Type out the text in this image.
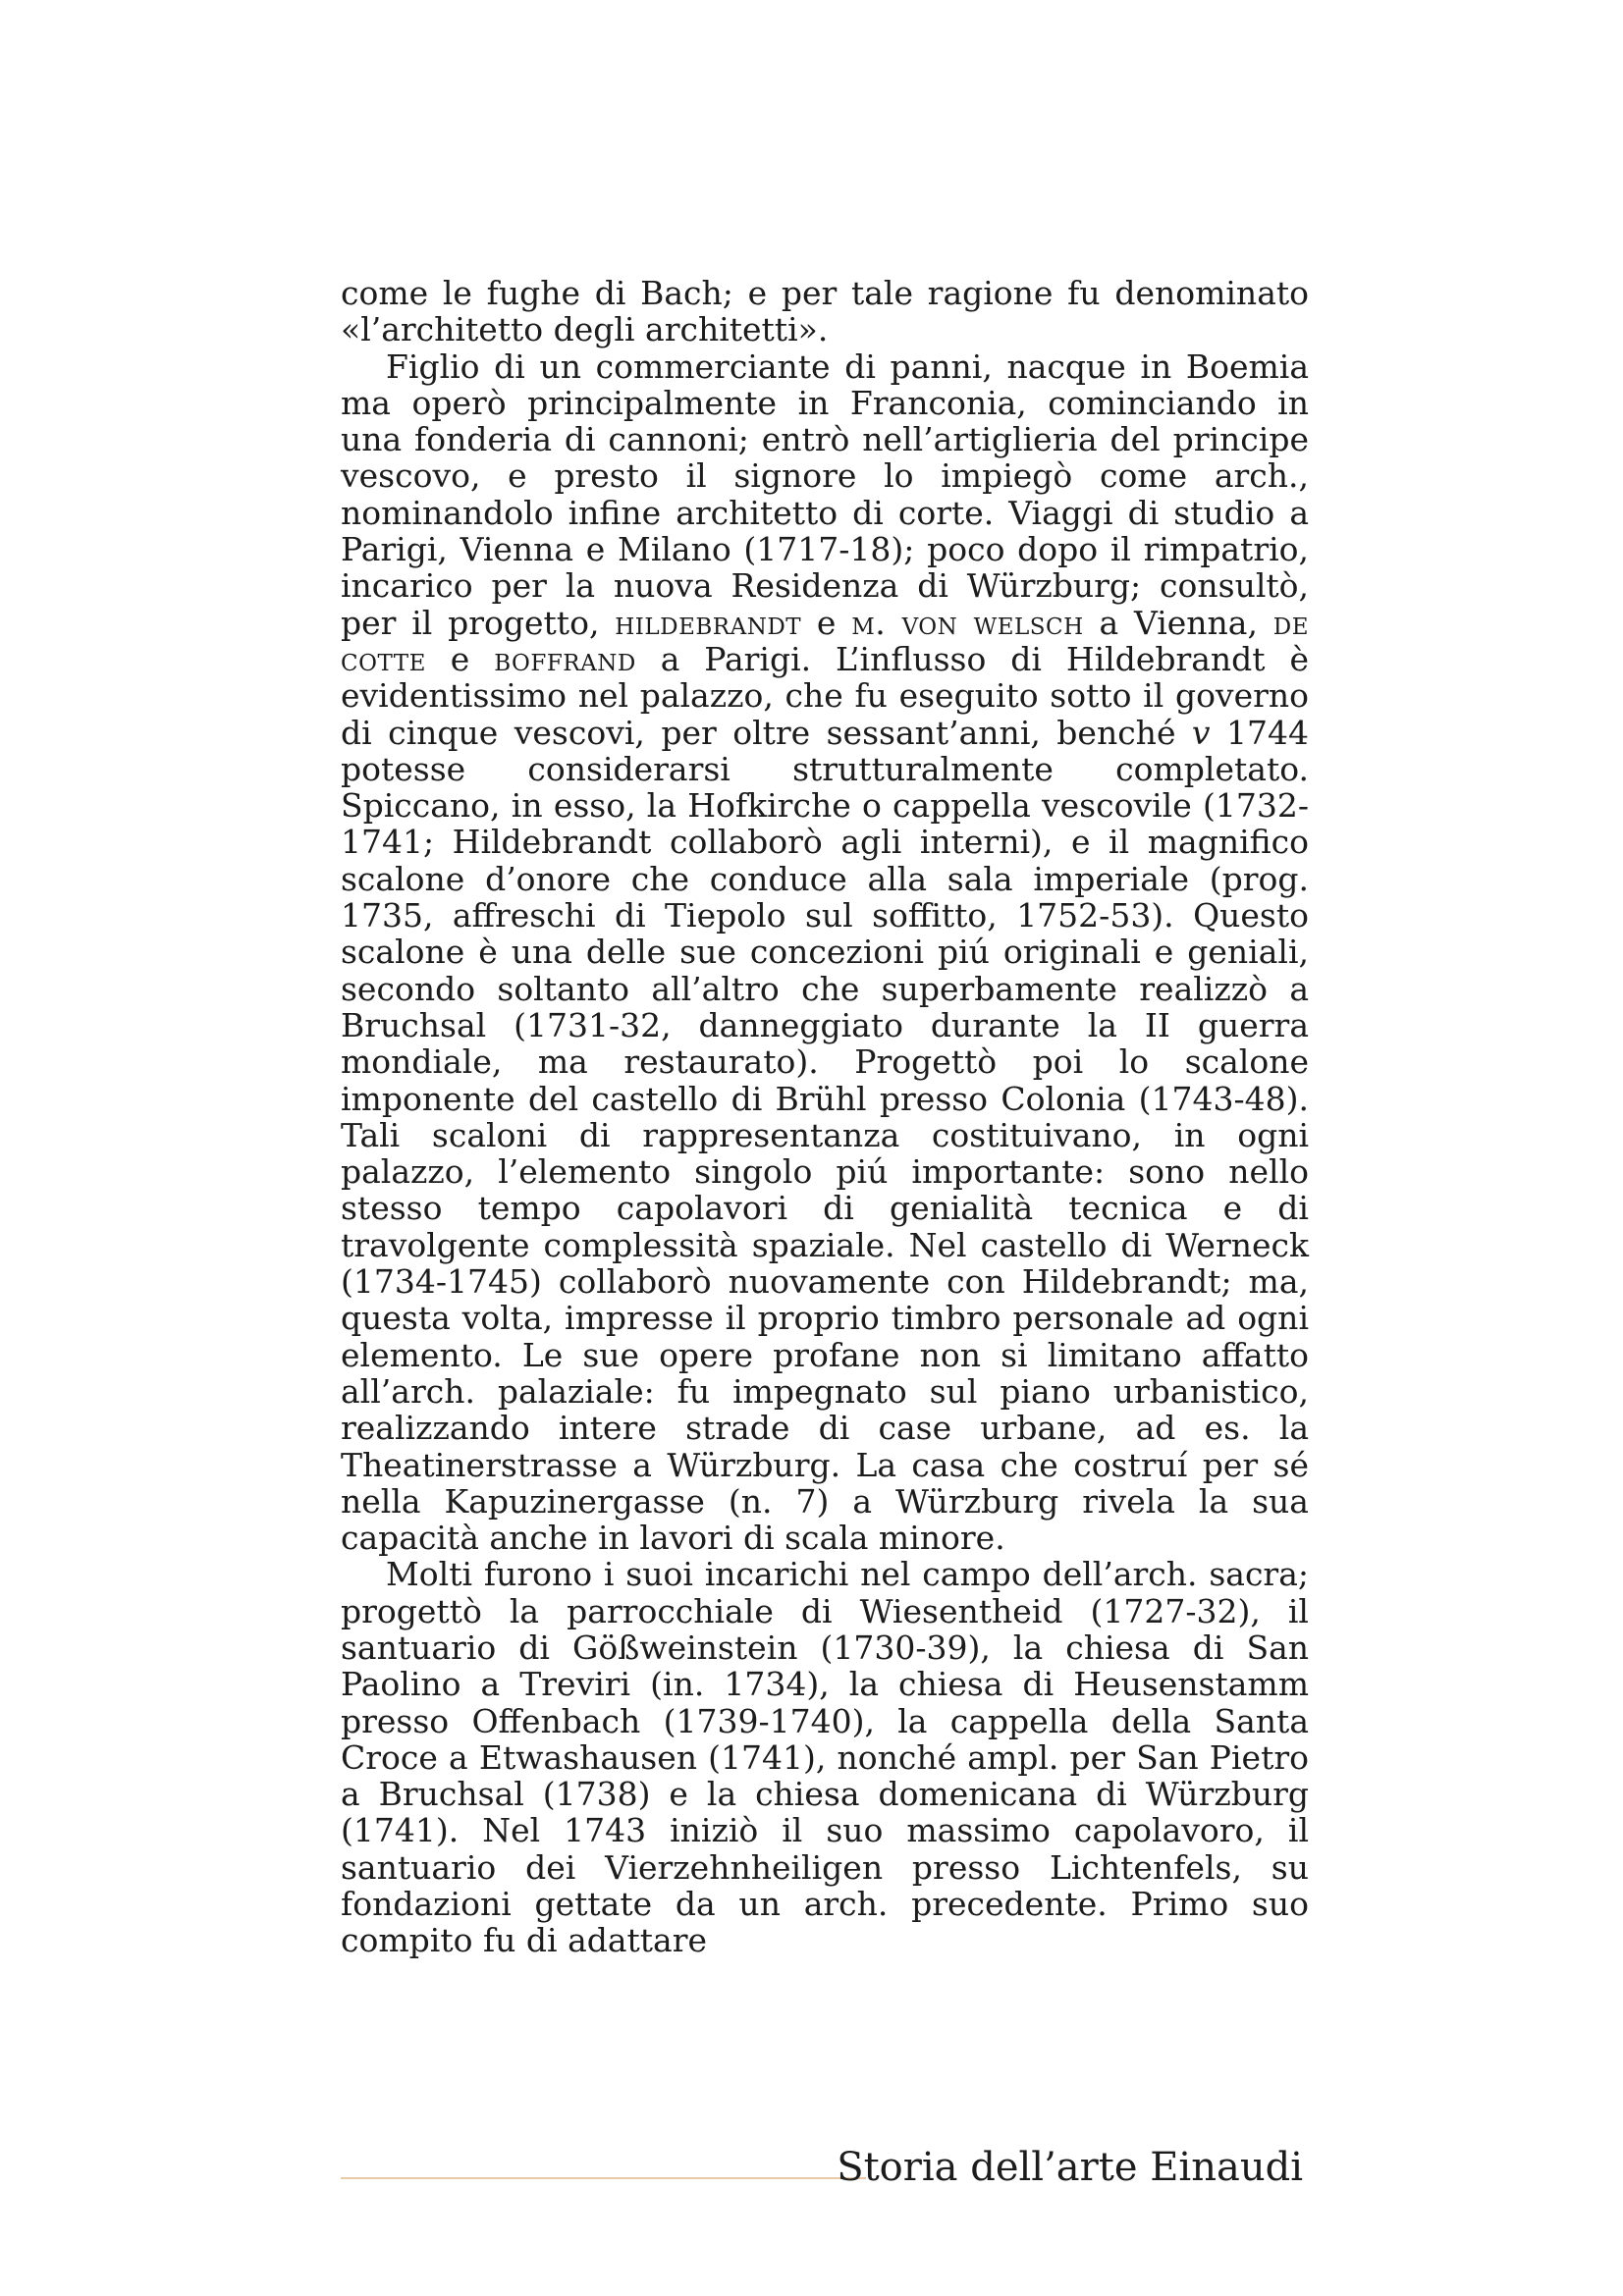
come le fughe di Bach; e per tale ragione fu denominato «l’architetto degli architetti».

Figlio di un commerciante di panni, nacque in Boemia ma operò principalmente in Franconia, cominciando in una fonderia di cannoni; entrò nell’artiglieria del principe vescovo, e presto il signore lo impiegò come arch., nominandolo infine architetto di corte. Viaggi di studio a Parigi, Vienna e Milano (1717-18); poco dopo il rimpatrio, incarico per la nuova Residenza di Würzburg; consultò, per il progetto, hildebrandt e m. von welsch a Vienna, de cotte e boffrand a Parigi. L’influsso di Hildebrandt è evidentissimo nel palazzo, che fu eseguito sotto il governo di cinque vescovi, per oltre sessant’anni, benché v 1744 potesse considerarsi strutturalmente completato. Spiccano, in esso, la Hofkirche o cappella vescovile (1732-1741; Hildebrandt collaborò agli interni), e il magnifico scalone d’onore che conduce alla sala imperiale (prog. 1735, affreschi di Tiepolo sul soffitto, 1752-53). Questo scalone è una delle sue concezioni piú originali e geniali, secondo soltanto all’altro che superbamente realizzò a Bruchsal (1731-32, danneggiato durante la II guerra mondiale, ma restaurato). Progettò poi lo scalone imponente del castello di Brühl presso Colonia (1743-48). Tali scaloni di rappresentanza costituivano, in ogni palazzo, l’elemento singolo piú importante: sono nello stesso tempo capolavori di genialità tecnica e di travolgente complessità spaziale. Nel castello di Werneck (1734-1745) collaborò nuovamente con Hildebrandt; ma, questa volta, impresse il proprio timbro personale ad ogni elemento. Le sue opere profane non si limitano affatto all’arch. palaziale: fu impegnato sul piano urbanistico, realizzando intere strade di case urbane, ad es. la Theatinerstrasse a Würzburg. La casa che costruí per sé nella Kapuzinergasse (n. 7) a Würzburg rivela la sua capacità anche in lavori di scala minore.

Molti furono i suoi incarichi nel campo dell’arch. sacra; progettò la parrocchiale di Wiesentheid (1727-32), il santuario di Gößweinstein (1730-39), la chiesa di San Paolino a Treviri (in. 1734), la chiesa di Heusenstamm presso Offenbach (1739-1740), la cappella della Santa Croce a Etwashausen (1741), nonché ampl. per San Pietro a Bruchsal (1738) e la chiesa domenicana di Würzburg (1741). Nel 1743 iniziò il suo massimo capolavoro, il santuario dei Vierzehnheiligen presso Lichtenfels, su fondazioni gettate da un arch. precedente. Primo suo compito fu di adattare

Storia dell’arte Einaudi
